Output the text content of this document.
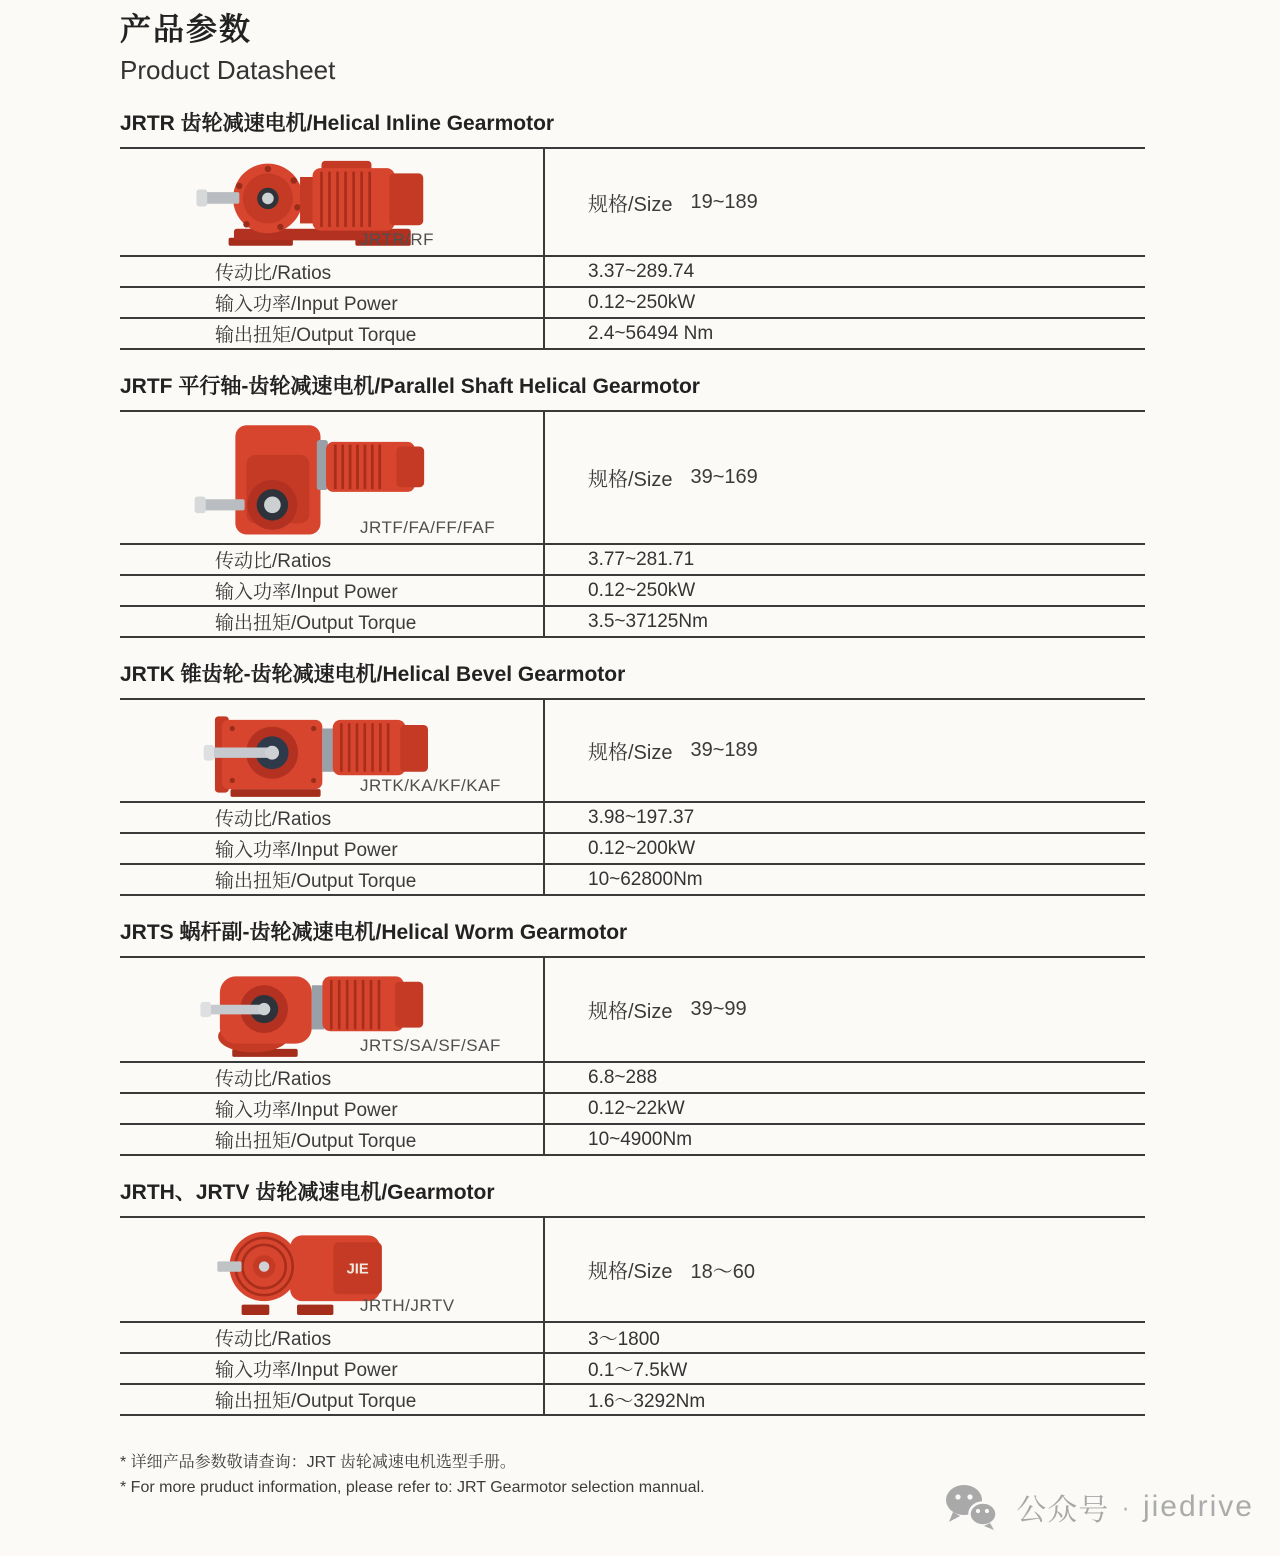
产品参数
Product Datasheet
JRTR 齿轮减速电机/Helical Inline Gearmotor
JRTR/RF
规格/Size 19~189
传动比/Ratios	3.37~289.74
输入功率/Input Power	0.12~250kW
输出扭矩/Output Torque	2.4~56494 Nm
JRTF 平行轴-齿轮减速电机/Parallel Shaft Helical Gearmotor
JRTF/FA/FF/FAF
规格/Size 39~169
传动比/Ratios	3.77~281.71
输入功率/Input Power	0.12~250kW
输出扭矩/Output Torque	3.5~37125Nm
JRTK 锥齿轮-齿轮减速电机/Helical Bevel Gearmotor
JRTK/KA/KF/KAF
规格/Size 39~189
传动比/Ratios	3.98~197.37
输入功率/Input Power	0.12~200kW
输出扭矩/Output Torque	10~62800Nm
JRTS 蜗杆副-齿轮减速电机/Helical Worm Gearmotor
JRTS/SA/SF/SAF
规格/Size 39~99
传动比/Ratios	6.8~288
输入功率/Input Power	0.12~22kW
输出扭矩/Output Torque	10~4900Nm
JRTH、JRTV 齿轮减速电机/Gearmotor
JIE
JRTH/JRTV
规格/Size 18～60
传动比/Ratios	3～1800
输入功率/Input Power	0.1～7.5kW
输出扭矩/Output Torque	1.6～3292Nm
* 详细产品参数敬请查询：JRT 齿轮减速电机选型手册。
* For more pruduct information, please refer to: JRT Gearmotor selection mannual.
公众号 · jiedrive
